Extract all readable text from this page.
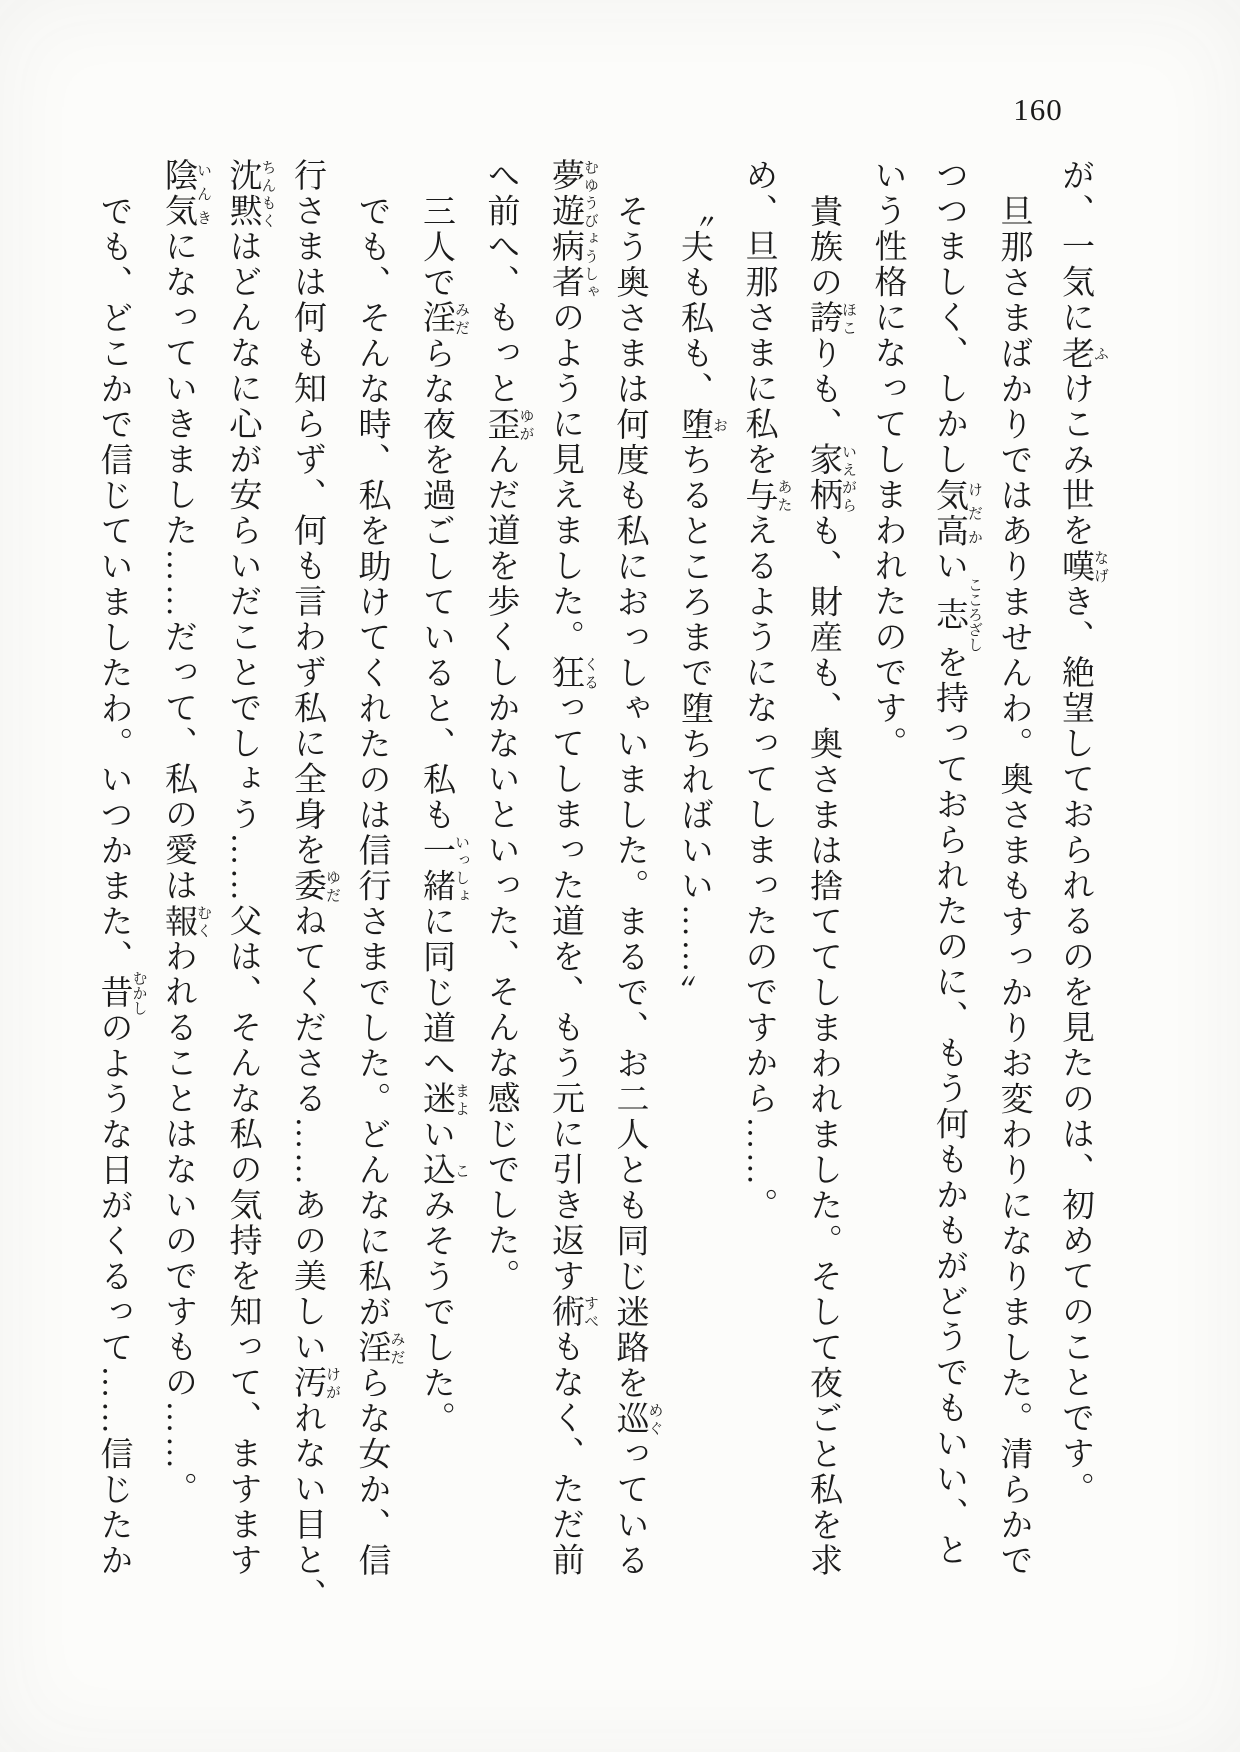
160

が、一気に老 ふけこみ世を嘆 なげき、絶望しておられるのを見たのは、初めてのことです。

旦那さまばかりではありませんわ。奥さまもすっかりお変わりになりました。清らかで

つつましく、しかし気高 けだかい志 こころざしを持っておられたのに、もう何もかもがどうでもいい、と

いう性格になってしまわれたのです。

貴族の誇 ほこりも、家柄 いえがらも、財産も、奥さまは捨ててしまわれました。そして夜ごと私を求

め、旦那さまに私を与 あたえるようになってしまったのですから……。

〝夫も私も、堕 おちるところまで堕ちればいい……〟

そう奥さまは何度も私におっしゃいました。まるで、お二人とも同じ迷路を巡 めぐっている

夢遊病者 むゆうびょうしゃのように見えました。狂 くるってしまった道を、もう元に引き返す術 すべもなく、ただ前

へ前へ、もっと歪 ゆがんだ道を歩くしかないといった、そんな感じでした。

三人で淫 みだらな夜を過ごしていると、私も一緒 いっしょに同じ道へ迷 まよい込 こみそうでした。

でも、そんな時、私を助けてくれたのは信行さまでした。どんなに私が淫 みだらな女か、信

行さまは何も知らず、何も言わず私に全身を委 ゆだねてくださる……あの美しい汚 けがれない目と、

沈黙 ちんもくはどんなに心が安らいだことでしょう……父は、そんな私の気持を知って、ますます

陰気 いんきになっていきました……だって、私の愛は報 むくわれることはないのですもの……。

でも、どこかで信じていましたわ。いつかまた、昔 むかしのような日がくるって……信じたか
